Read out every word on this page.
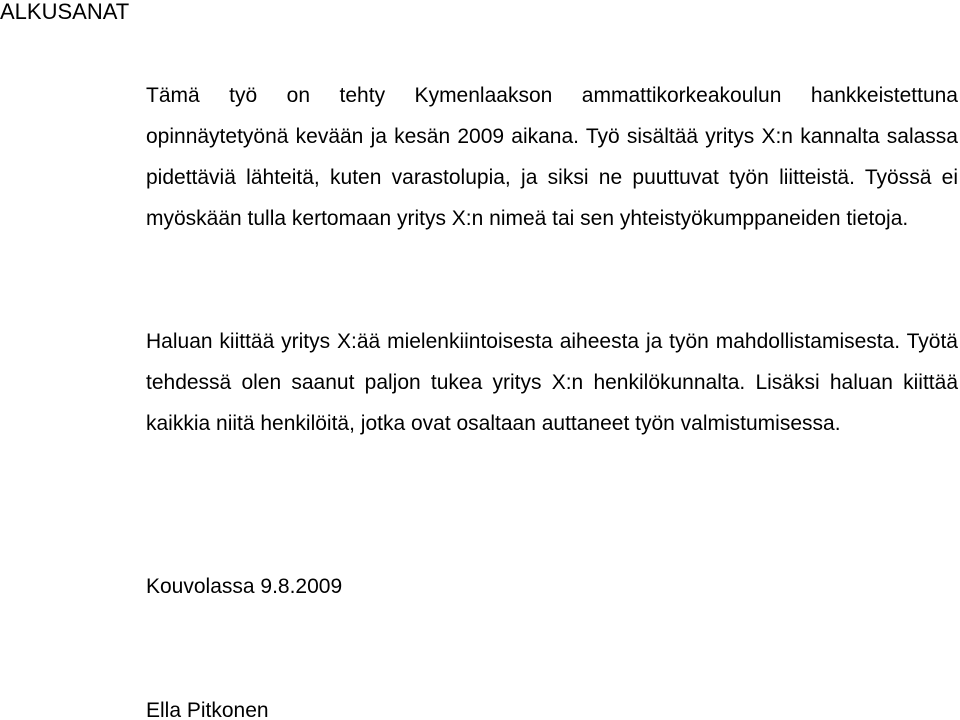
ALKUSANAT

Tämä työ on tehty Kymenlaakson ammattikorkeakoulun hankkeistettuna opinnäytetyönä kevään ja kesän 2009 aikana. Työ sisältää yritys X:n kannalta salassa pidettäviä lähteitä, kuten varastolupia, ja siksi ne puuttuvat työn liitteistä. Työssä ei myöskään tulla kertomaan yritys X:n nimeä tai sen yhteistyökumppaneiden tietoja.

Haluan kiittää yritys X:ää mielenkiintoisesta aiheesta ja työn mahdollistamisesta. Työtä tehdessä olen saanut paljon tukea yritys X:n henkilökunnalta. Lisäksi haluan kiittää kaikkia niitä henkilöitä, jotka ovat osaltaan auttaneet työn valmistumisessa.

Kouvolassa 9.8.2009

Ella Pitkonen
